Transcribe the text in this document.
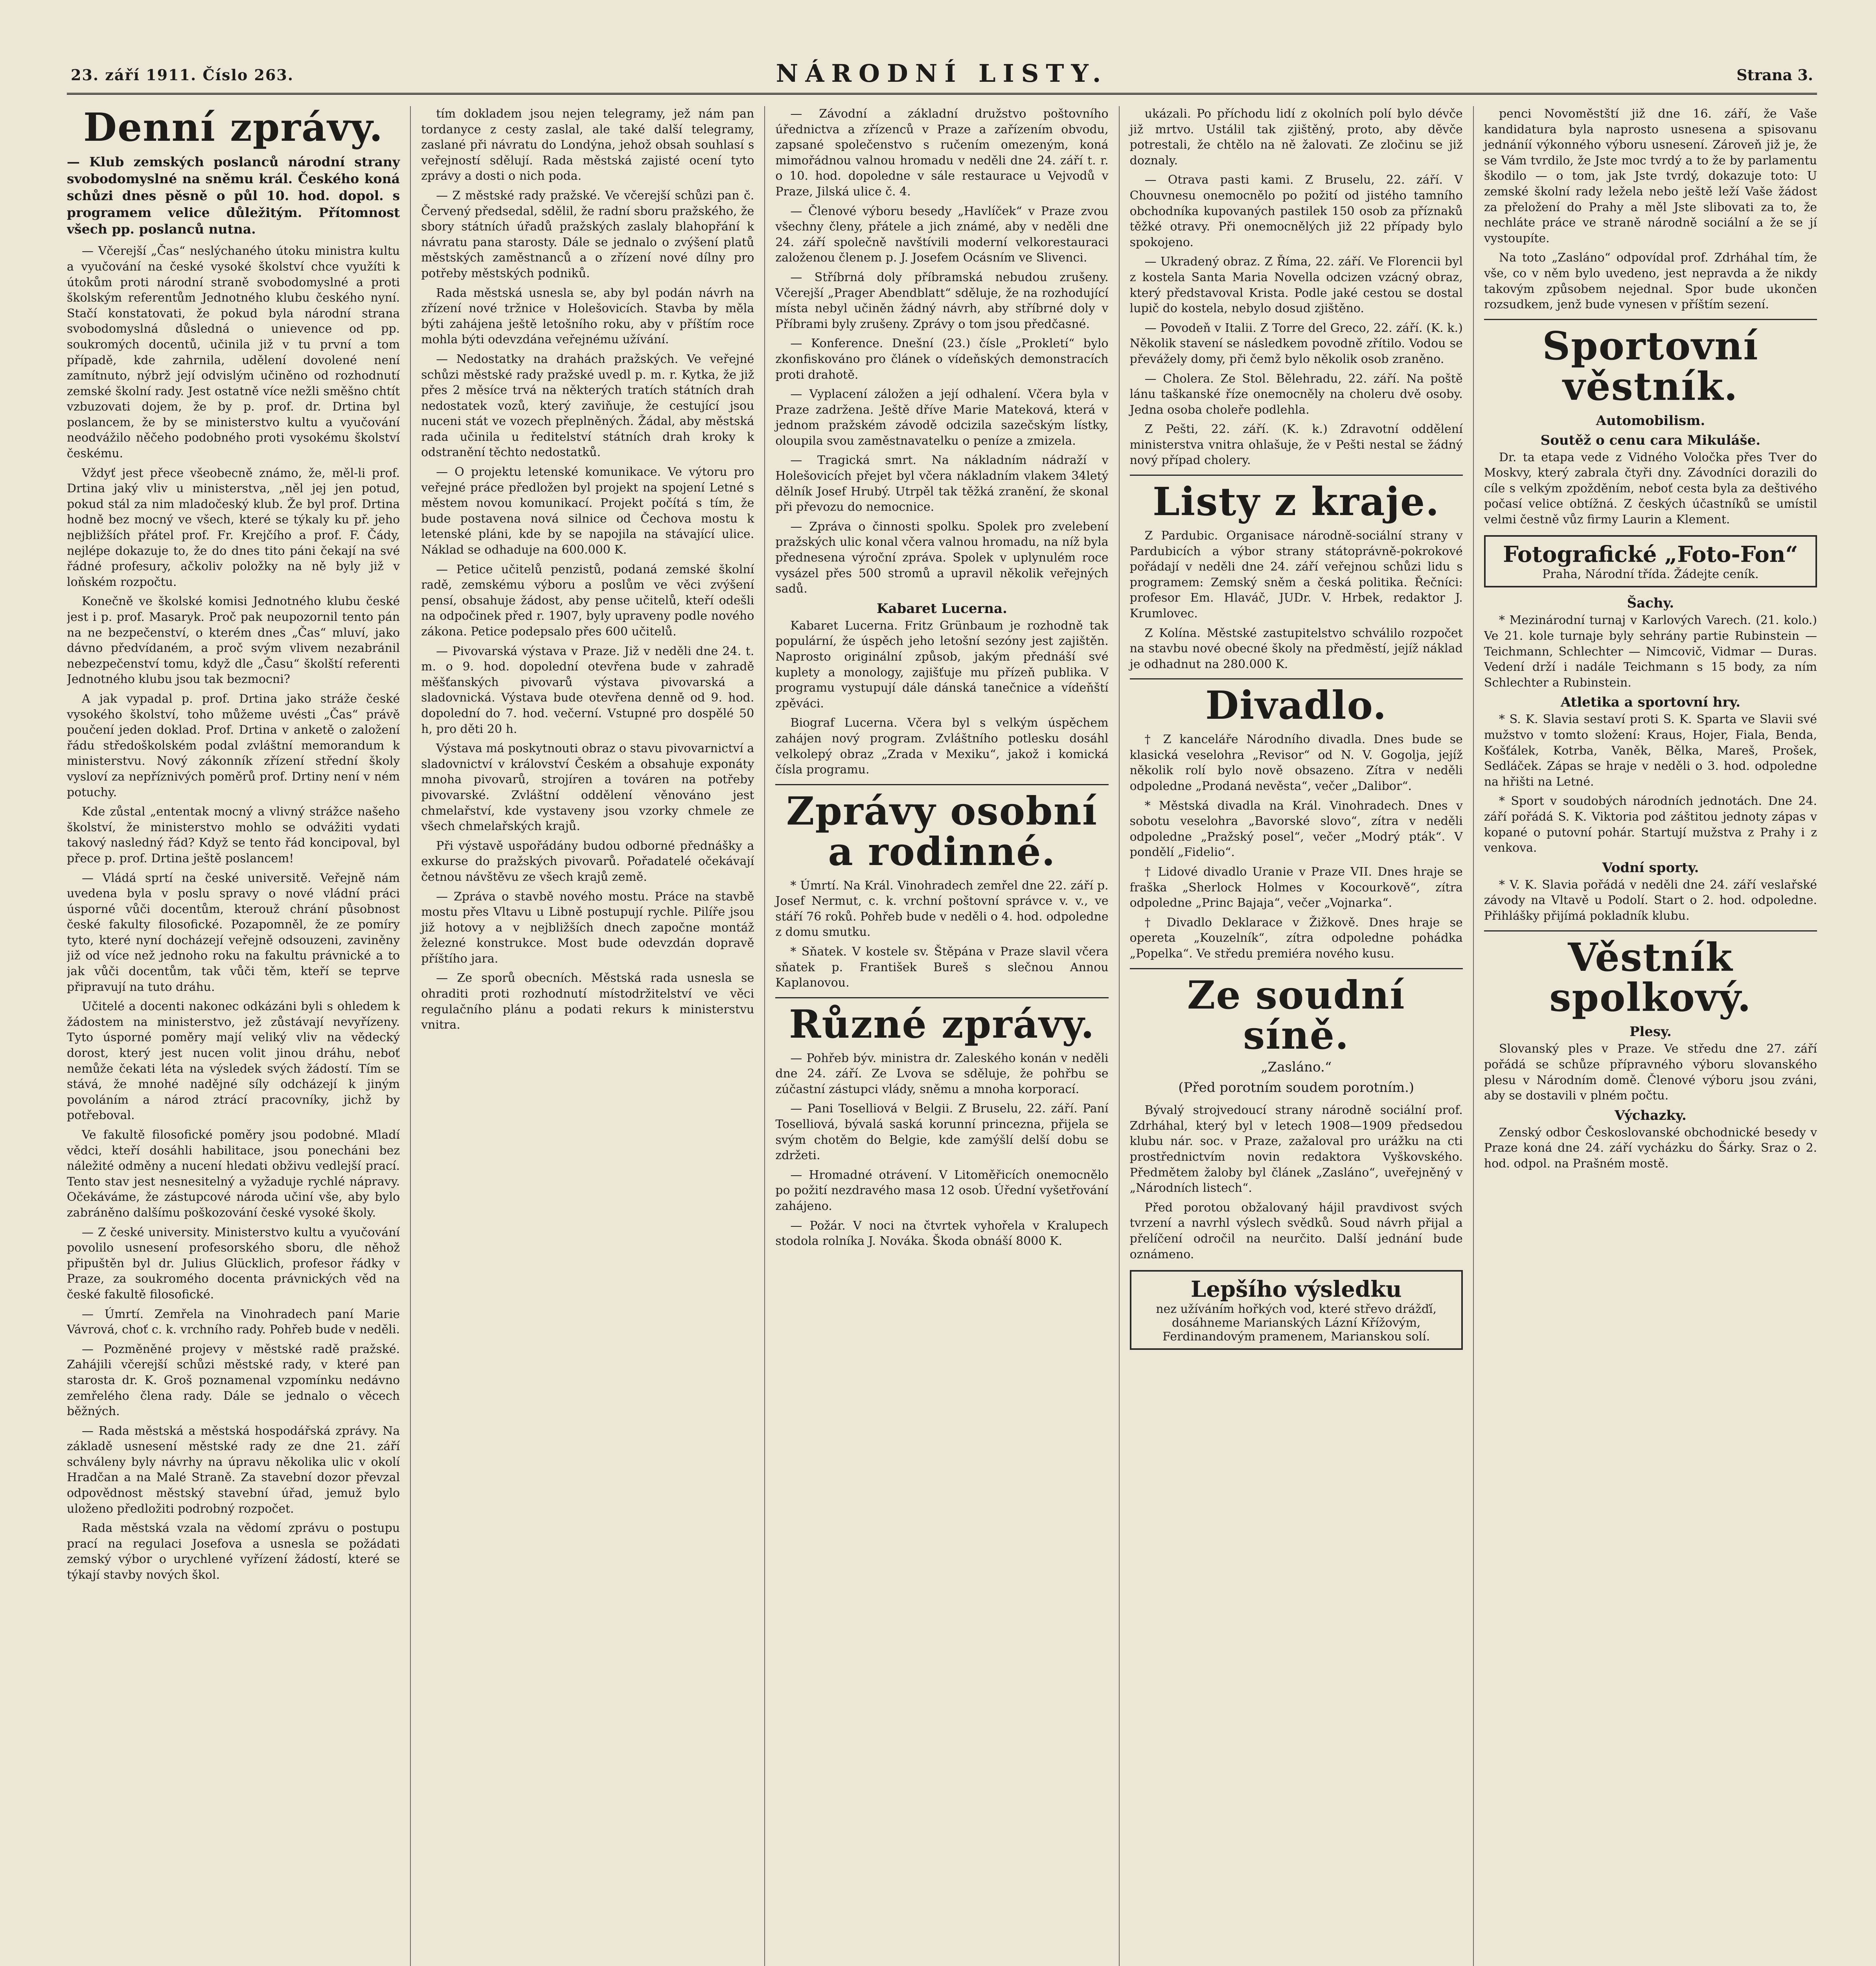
23. září 1911. Číslo 263.	NÁRODNÍ LISTY.	Strana 3.
Denní zprávy.
— Klub zemských poslanců národní strany svobodomyslné na sněmu král. Českého koná schůzi dnes pěsně o půl 10. hod. dopol. s programem velice důležitým. Přítomnost všech pp. poslanců nutna.

— Včerejší „Čas“ neslýchaného útoku ministra kultu a vyučování na české vysoké školství chce využíti k útokům proti národní straně svobodomyslné a proti školským referentům Jednotného klubu českého nyní. Stačí konstatovati, že pokud byla národní strana svobodomyslná důsledná o unievence od pp. soukromých docentů, učinila již v tu první a tom případě, kde zahrnila, udělení dovolené není zamítnuto, nýbrž její odvislým učiněno od rozhodnutí zemské školní rady. Jest ostatně více nežli směšno chtít vzbuzovati dojem, že by p. prof. dr. Drtina byl poslancem, že by se ministerstvo kultu a vyučování neodvážilo něčeho podobného proti vysokému školství českému.

Vždyť jest přece všeobecně známo, že, měl-li prof. Drtina jaký vliv u ministerstva, „něl jej jen potud, pokud stál za nim mladočeský klub. Že byl prof. Drtina hodně bez mocný ve všech, které se týkaly ku př. jeho nejbližších přátel prof. Fr. Krejčího a prof. F. Čády, nejlépe dokazuje to, že do dnes tito páni čekají na své řádné profesury, ačkoliv položky na ně byly již v loňském rozpočtu.

Konečně ve školské komisi Jednotného klubu české jest i p. prof. Masaryk. Proč pak neupozornil tento pán na ne bezpečenství, o kterém dnes „Čas“ mluví, jako dávno předvídaném, a proč svým vlivem nezabránil nebezpečenství tomu, když dle „Času“ školští referenti Jednotného klubu jsou tak bezmocni?

A jak vypadal p. prof. Drtina jako stráže české vysokého školství, toho můžeme uvésti „Čas“ právě poučení jeden doklad. Prof. Drtina v anketě o založení řádu středoškolském podal zvláštní memorandum k ministerstvu. Nový zákonník zřízení střední školy vysloví za nepříznivých poměrů prof. Drtiny není v ném potuchy.

Kde zůstal „ententak mocný a vlivný strážce našeho školství, že ministerstvo mohlo se odvážiti vydati takový nasledný řád? Když se tento řád koncipoval, byl přece p. prof. Drtina ještě poslancem!

— Vládá sprtí na české universitě. Veřejně nám uvedena byla v poslu spravy o nové vládní práci úsporné vůči docentům, kterouž chrání působnost české fakulty filosofické. Pozapomněl, že ze pomíry tyto, které nyní docházejí veřejně odsouzeni, zaviněny již od více než jednoho roku na fakultu právnické a to jak vůči docentům, tak vůči těm, kteří se teprve připravují na tuto dráhu.

Učitelé a docenti nakonec odkázáni byli s ohledem k žádostem na ministerstvo, jež zůstávají nevyřízeny. Tyto úsporné poměry mají veliký vliv na vědecký dorost, který jest nucen volit jinou dráhu, neboť nemůže čekati léta na výsledek svých žádostí. Tím se stává, že mnohé nadějné síly odcházejí k jiným povoláním a národ ztrácí pracovníky, jichž by potřeboval.

Ve fakultě filosofické poměry jsou podobné. Mladí vědci, kteří dosáhli habilitace, jsou ponecháni bez náležité odměny a nucení hledati obživu vedlejší prací. Tento stav jest nesnesitelný a vyžaduje rychlé nápravy. Očekáváme, že zástupcové národa učiní vše, aby bylo zabráněno dalšímu poškozování české vysoké školy.

— Z české university. Ministerstvo kultu a vyučování povolilo usnesení profesorského sboru, dle něhož připuštěn byl dr. Julius Glücklich, profesor řádky v Praze, za soukromého docenta právnických věd na české fakultě filosofické.

— Úmrtí. Zemřela na Vinohradech paní Marie Vávrová, choť c. k. vrchního rady. Pohřeb bude v neděli.

— Pozměněné projevy v městské radě pražské. Zahájili včerejší schůzi městské rady, v které pan starosta dr. K. Groš poznamenal vzpomínku nedávno zemřelého člena rady. Dále se jednalo o věcech běžných.

— Rada městská a městská hospodářská zprávy. Na základě usnesení městské rady ze dne 21. září schváleny byly návrhy na úpravu několika ulic v okolí Hradčan a na Malé Straně. Za stavební dozor převzal odpovědnost městský stavební úřad, jemuž bylo uloženo předložiti podrobný rozpočet.

Rada městská vzala na vědomí zprávu o postupu prací na regulaci Josefova a usnesla se požádati zemský výbor o urychlené vyřízení žádostí, které se týkají stavby nových škol.

tím dokladem jsou nejen telegramy, jež nám pan tordanyce z cesty zaslal, ale také další telegramy, zaslané při návratu do Londýna, jehož obsah souhlasí s veřejností sdělují. Rada městská zajisté ocení tyto zprávy a dosti o nich poda.

— Z městské rady pražské. Ve včerejší schůzi pan č. Červený předsedal, sdělil, že radní sboru pražského, že sbory státních úřadů pražských zaslaly blahopřání k návratu pana starosty. Dále se jednalo o zvýšení platů městských zaměstnanců a o zřízení nové dílny pro potřeby městských podniků.

Rada městská usnesla se, aby byl podán návrh na zřízení nové tržnice v Holešovicích. Stavba by měla býti zahájena ještě letošního roku, aby v příštím roce mohla býti odevzdána veřejnému užívání.

— Nedostatky na drahách pražských. Ve veřejné schůzi městské rady pražské uvedl p. m. r. Kytka, že již přes 2 měsíce trvá na některých tratích státních drah nedostatek vozů, který zaviňuje, že cestující jsou nuceni stát ve vozech přeplněných. Žádal, aby městská rada učinila u ředitelství státních drah kroky k odstranění těchto nedostatků.

— O projektu letenské komunikace. Ve výtoru pro veřejné práce předložen byl projekt na spojení Letné s městem novou komunikací. Projekt počítá s tím, že bude postavena nová silnice od Čechova mostu k letenské pláni, kde by se napojila na stávající ulice. Náklad se odhaduje na 600.000 K.

— Petice učitelů penzistů, podaná zemské školní radě, zemskému výboru a poslům ve věci zvýšení pensí, obsahuje žádost, aby pense učitelů, kteří odešli na odpočinek před r. 1907, byly upraveny podle nového zákona. Petice podepsalo přes 600 učitelů.

— Pivovarská výstava v Praze. Již v neděli dne 24. t. m. o 9. hod. dopolední otevřena bude v zahradě měšťanských pivovarů výstava pivovarská a sladovnická. Výstava bude otevřena denně od 9. hod. dopolední do 7. hod. večerní. Vstupné pro dospělé 50 h, pro děti 20 h.

Výstava má poskytnouti obraz o stavu pivovarnictví a sladovnictví v království Českém a obsahuje exponáty mnoha pivovarů, strojíren a továren na potřeby pivovarské. Zvláštní oddělení věnováno jest chmelařství, kde vystaveny jsou vzorky chmele ze všech chmelařských krajů.

Při výstavě uspořádány budou odborné přednášky a exkurse do pražských pivovarů. Pořadatelé očekávají četnou návštěvu ze všech krajů země.

— Zpráva o stavbě nového mostu. Práce na stavbě mostu přes Vltavu u Libně postupují rychle. Pilíře jsou již hotovy a v nejbližších dnech započne montáž železné konstrukce. Most bude odevzdán dopravě příštího jara.

— Ze sporů obecních. Městská rada usnesla se ohraditi proti rozhodnutí místodržitelství ve věci regulačního plánu a podati rekurs k ministerstvu vnitra.

— Závodní a základní družstvo poštovního úřednictva a zřízenců v Praze a zařízením obvodu, zapsané společenstvo s ručením omezeným, koná mimořádnou valnou hromadu v neděli dne 24. září t. r. o 10. hod. dopoledne v sále restaurace u Vejvodů v Praze, Jilská ulice č. 4.

— Členové výboru besedy „Havlíček“ v Praze zvou všechny členy, přátele a jich známé, aby v neděli dne 24. září společně navštívili moderní velkorestauraci založenou členem p. J. Josefem Ocásním ve Slivenci.

— Stříbrná doly příbramská nebudou zrušeny. Včerejší „Prager Abendblatt“ sděluje, že na rozhodující místa nebyl učiněn žádný návrh, aby stříbrné doly v Příbrami byly zrušeny. Zprávy o tom jsou předčasné.

— Konference. Dnešní (23.) čísle „Prokletí“ bylo zkonfiskováno pro článek o vídeňských demonstracích proti drahotě.

— Vyplacení záložen a její odhalení. Včera byla v Praze zadržena. Ještě dříve Marie Mateková, která v jednom pražském závodě odcizila sazečským lístky, oloupila svou zaměstnavatelku o peníze a zmizela.

— Tragická smrt. Na nákladním nádraží v Holešovicích přejet byl včera nákladním vlakem 34letý dělník Josef Hrubý. Utrpěl tak těžká zranění, že skonal při převozu do nemocnice.

— Zpráva o činnosti spolku. Spolek pro zvelebení pražských ulic konal včera valnou hromadu, na níž byla přednesena výroční zpráva. Spolek v uplynulém roce vysázel přes 500 stromů a upravil několik veřejných sadů.

Kabaret Lucerna.

Kabaret Lucerna. Fritz Grünbaum je rozhodně tak populární, že úspěch jeho letošní sezóny jest zajištěn. Naprosto originální způsob, jakým přednáší své kuplety a monology, zajišťuje mu přízeň publika. V programu vystupují dále dánská tanečnice a vídeňští zpěváci.

Biograf Lucerna. Včera byl s velkým úspěchem zahájen nový program. Zvláštního potlesku dosáhl velkolepý obraz „Zrada v Mexiku“, jakož i komická čísla programu.

Zprávy osobní a rodinné.

* Úmrtí. Na Král. Vinohradech zemřel dne 22. září p. Josef Nermut, c. k. vrchní poštovní správce v. v., ve stáří 76 roků. Pohřeb bude v neděli o 4. hod. odpoledne z domu smutku.

* Sňatek. V kostele sv. Štěpána v Praze slavil včera sňatek p. František Bureš s slečnou Annou Kaplanovou.

Různé zprávy.

— Pohřeb býv. ministra dr. Zaleského konán v neděli dne 24. září. Ze Lvova se sděluje, že pohřbu se zúčastní zástupci vlády, sněmu a mnoha korporací.

— Pani Toselliová v Belgii. Z Bruselu, 22. září. Paní Toselliová, bývalá saská korunní princezna, přijela se svým chotěm do Belgie, kde zamýšlí delší dobu se zdržeti.

— Hromadné otrávení. V Litoměřicích onemocnělo po požití nezdravého masa 12 osob. Úřední vyšetřování zahájeno.

— Požár. V noci na čtvrtek vyhořela v Kralupech stodola rolníka J. Nováka. Škoda obnáší 8000 K.

ukázali. Po příchodu lidí z okolních polí bylo dévče již mrtvo. Ustálil tak zjištěný, proto, aby děvče potrestali, že chtělo na ně žalovati. Ze zločinu se již doznaly.

— Otrava pasti kami. Z Bruselu, 22. září. V Chouvnesu onemocnělo po požití od jistého tamního obchodníka kupovaných pastilek 150 osob za příznaků těžké otravy. Při onemocnělých již 22 případy bylo spokojeno.

— Ukradený obraz. Z Říma, 22. září. Ve Florencii byl z kostela Santa Maria Novella odcizen vzácný obraz, který představoval Krista. Podle jaké cestou se dostal lupič do kostela, nebylo dosud zjištěno.

— Povodeň v Italii. Z Torre del Greco, 22. září. (K. k.) Několik stavení se následkem povodně zřítilo. Vodou se převážely domy, při čemž bylo několik osob zraněno.

— Cholera. Ze Stol. Bělehradu, 22. září. Na poště lánu taškanské říze onemocněly na choleru dvě osoby. Jedna osoba choleře podlehla.

Z Pešti, 22. září. (K. k.) Zdravotní oddělení ministerstva vnitra ohlašuje, že v Pešti nestal se žádný nový případ cholery.

Listy z kraje.

Z Pardubic. Organisace národně-sociální strany v Pardubicích a výbor strany státoprávně-pokrokové pořádají v neděli dne 24. září veřejnou schůzi lidu s programem: Zemský sněm a česká politika. Řečníci: profesor Em. Hlaváč, JUDr. V. Hrbek, redaktor J. Krumlovec.

Z Kolína. Městské zastupitelstvo schválilo rozpočet na stavbu nové obecné školy na předměstí, jejíž náklad je odhadnut na 280.000 K.

Divadlo.

† Z kanceláře Národního divadla. Dnes bude se klasická veselohra „Revisor“ od N. V. Gogolja, jejíž několik rolí bylo nově obsazeno. Zítra v neděli odpoledne „Prodaná nevěsta“, večer „Dalibor“.

* Městská divadla na Král. Vinohradech. Dnes v sobotu veselohra „Bavorské slovo“, zítra v neděli odpoledne „Pražský posel“, večer „Modrý pták“. V pondělí „Fidelio“.

† Lidové divadlo Uranie v Praze VII. Dnes hraje se fraška „Sherlock Holmes v Kocourkově“, zítra odpoledne „Princ Bajaja“, večer „Vojnarka“.

† Divadlo Deklarace v Žižkově. Dnes hraje se opereta „Kouzelník“, zítra odpoledne pohádka „Popelka“. Ve středu premiéra nového kusu.

Ze soudní síně.
„Zasláno.“
(Před porotním soudem porotním.)

Bývalý strojvedoucí strany národně sociální prof. Zdrháhal, který byl v letech 1908—1909 předsedou klubu nár. soc. v Praze, zažaloval pro urážku na cti prostřednictvím novin redaktora Vyškovského. Předmětem žaloby byl článek „Zasláno“, uveřejněný v „Národních listech“.

Před porotou obžalovaný hájil pravdivost svých tvrzení a navrhl výslech svědků. Soud návrh přijal a přelíčení odročil na neurčito. Další jednání bude oznámeno.

Lepšího výsledku
nez užíváním hořkých vod, které střevo drážďí, dosáhneme Marianských Lázní Křížovým, Ferdinandovým pramenem, Marianskou solí.

penci Novoměstští již dne 16. září, že Vaše kandidatura byla naprosto usnesena a spisovanu jednáníí výkonného výboru usnesení. Zároveň již je, že se Vám tvrdilo, že Jste moc tvrdý a to že by parlamentu škodilo — o tom, jak Jste tvrdý, dokazuje toto: U zemské školní rady ležela nebo ještě leží Vaše žádost za přeložení do Prahy a měl Jste slibovati za to, že nechláte práce ve straně národně sociální a že se jí vystoupíte.

Na toto „Zasláno“ odpovídal prof. Zdrháhal tím, že vše, co v něm bylo uvedeno, jest nepravda a že nikdy takovým způsobem nejednal. Spor bude ukončen rozsudkem, jenž bude vynesen v příštím sezení.

Sportovní věstník.
Automobilism.
Soutěž o cenu cara Mikuláše.

Dr. ta etapa vede z Vidného Voločka přes Tver do Moskvy, který zabrala čtyři dny. Závodníci dorazili do cíle s velkým zpožděním, neboť cesta byla za deštivého počasí velice obtížná. Z českých účastníků se umístil velmi čestně vůz firmy Laurin a Klement.

Fotografické „Foto-Fon“
Praha, Národní třída. Žádejte ceník.
Šachy.

* Mezinárodní turnaj v Karlových Varech. (21. kolo.) Ve 21. kole turnaje byly sehrány partie Rubinstein — Teichmann, Schlechter — Nimcovič, Vidmar — Duras. Vedení drží i nadále Teichmann s 15 body, za ním Schlechter a Rubinstein.

Atletika a sportovní hry.

* S. K. Slavia sestaví proti S. K. Sparta ve Slavii své mužstvo v tomto složení: Kraus, Hojer, Fiala, Benda, Košťálek, Kotrba, Vaněk, Bělka, Mareš, Prošek, Sedláček. Zápas se hraje v neděli o 3. hod. odpoledne na hřišti na Letné.

* Sport v soudobých národních jednotách. Dne 24. září pořádá S. K. Viktoria pod záštitou jednoty zápas v kopané o putovní pohár. Startují mužstva z Prahy i z venkova.

Vodní sporty.

* V. K. Slavia pořádá v neděli dne 24. září veslařské závody na Vltavě u Podolí. Start o 2. hod. odpoledne. Přihlášky přijímá pokladník klubu.

Věstník spolkový.
Plesy.

Slovanský ples v Praze. Ve středu dne 27. září pořádá se schůze přípravného výboru slovanského plesu v Národním domě. Členové výboru jsou zváni, aby se dostavili v plném počtu.

Výchazky.

Zenský odbor Českoslovanské obchodnické besedy v Praze koná dne 24. září vycházku do Šárky. Sraz o 2. hod. odpol. na Prašném mostě.
